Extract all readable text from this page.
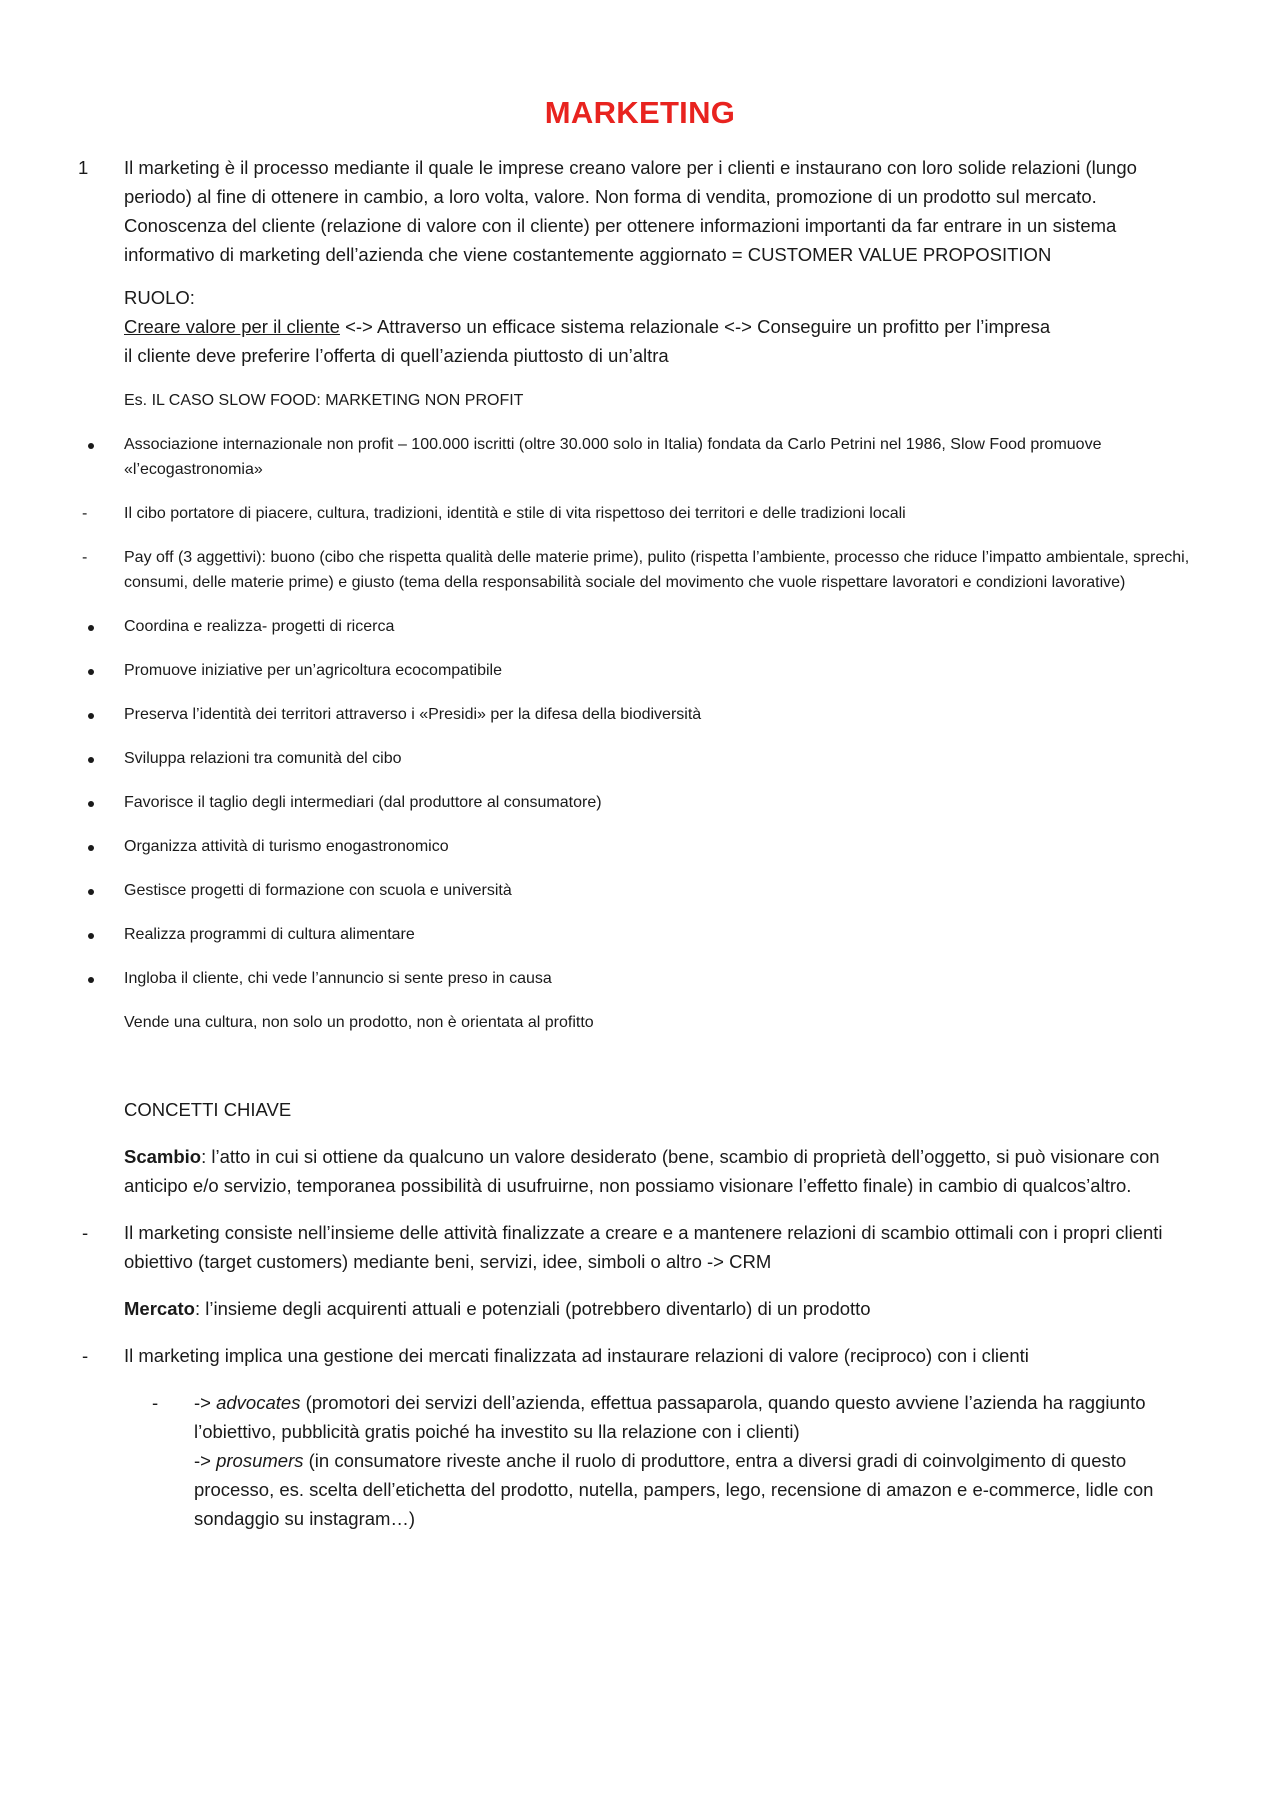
MARKETING
1	Il marketing è il processo mediante il quale le imprese creano valore per i clienti e instaurano con loro solide relazioni (lungo periodo) al fine di ottenere in cambio, a loro volta, valore. Non forma di vendita, promozione di un prodotto sul mercato.

Conoscenza del cliente (relazione di valore con il cliente) per ottenere informazioni importanti da far entrare in un sistema informativo di marketing dell’azienda che viene costantemente aggiornato = CUSTOMER VALUE PROPOSITION

RUOLO:

Creare valore per il cliente <-> Attraverso un efficace sistema relazionale <-> Conseguire un profitto per l’impresa

il cliente deve preferire l’offerta di quell’azienda piuttosto di un’altra

Es. IL CASO SLOW FOOD: MARKETING NON PROFIT
Associazione internazionale non profit – 100.000 iscritti (oltre 30.000 solo in Italia) fondata da Carlo Petrini nel 1986, Slow Food promuove «l’ecogastronomia»
-	Il cibo portatore di piacere, cultura, tradizioni, identità e stile di vita rispettoso dei territori e delle tradizioni locali
-	Pay off (3 aggettivi): buono (cibo che rispetta qualità delle materie prime), pulito (rispetta l’ambiente, processo che riduce l’impatto ambientale, sprechi, consumi, delle materie prime) e giusto (tema della responsabilità sociale del movimento che vuole rispettare lavoratori e condizioni lavorative)
Coordina e realizza- progetti di ricerca
Promuove iniziative per un’agricoltura ecocompatibile
Preserva l’identità dei territori attraverso i «Presidi» per la difesa della biodiversità
Sviluppa relazioni tra comunità del cibo
Favorisce il taglio degli intermediari (dal produttore al consumatore)
Organizza attività di turismo enogastronomico
Gestisce progetti di formazione con scuola e università
Realizza programmi di cultura alimentare
Ingloba il cliente, chi vede l’annuncio si sente preso in causa
Vende una cultura, non solo un prodotto, non è orientata al profitto
CONCETTI CHIAVE
Scambio: l’atto in cui si ottiene da qualcuno un valore desiderato (bene, scambio di proprietà dell’oggetto, si può visionare con anticipo e/o servizio, temporanea possibilità di usufruirne, non possiamo visionare l’effetto finale) in cambio di qualcos’altro.
-	Il marketing consiste nell’insieme delle attività finalizzate a creare e a mantenere relazioni di scambio ottimali con i propri clienti obiettivo (target customers) mediante beni, servizi, idee, simboli o altro -> CRM
Mercato: l’insieme degli acquirenti attuali e potenziali (potrebbero diventarlo) di un prodotto
-	Il marketing implica una gestione dei mercati finalizzata ad instaurare relazioni di valore (reciproco) con i clienti
-	-> advocates (promotori dei servizi dell’azienda, effettua passaparola, quando questo avviene l’azienda ha raggiunto l’obiettivo, pubblicità gratis poiché ha investito su lla relazione con i clienti)

-> prosumers (in consumatore riveste anche il ruolo di produttore, entra a diversi gradi di coinvolgimento di questo processo, es. scelta dell’etichetta del prodotto, nutella, pampers, lego, recensione di amazon e e-commerce, lidle con sondaggio su instagram…)
